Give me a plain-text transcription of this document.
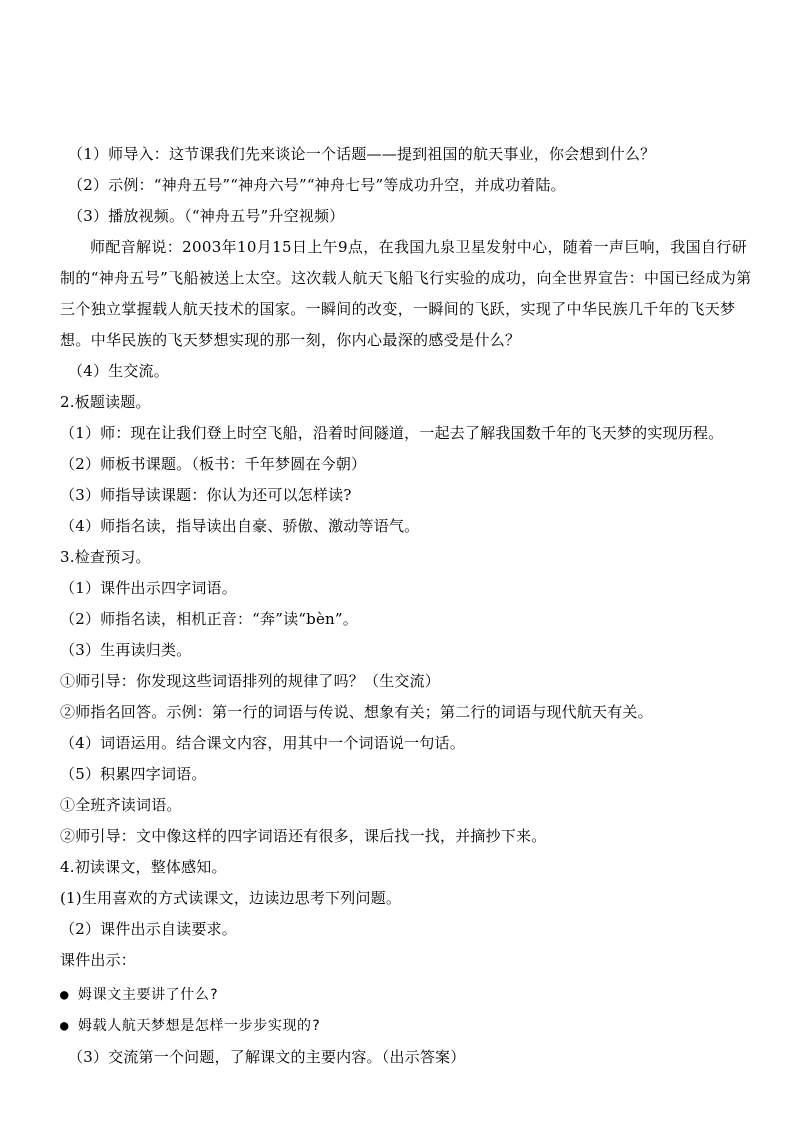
（1）师导入：这节课我们先来谈论一个话题——提到祖国的航天事业，你会想到什么？
（2）示例：“神舟五号”“神舟六号”“神舟七号”等成功升空，并成功着陆。
（3）播放视频。（“神舟五号”升空视频）
师配音解说：2003年10月15日上午9点，在我国九泉卫星发射中心，随着一声巨响，我国自行研制的“神舟五号”飞船被送上太空。这次载人航天飞船飞行实验的成功，向全世界宣告：中国已经成为第三个独立掌握载人航天技术的国家。一瞬间的改变，一瞬间的飞跃，实现了中华民族几千年的飞天梦想。中华民族的飞天梦想实现的那一刻，你内心最深的感受是什么？
（4）生交流。
2.板题读题。
（1）师：现在让我们登上时空飞船，沿着时间隧道，一起去了解我国数千年的飞天梦的实现历程。
（2）师板书课题。（板书：千年梦圆在今朝）
（3）师指导读课题：你认为还可以怎样读?
（4）师指名读，指导读出自豪、骄傲、激动等语气。
3.检查预习。
（1）课件出示四字词语。
（2）师指名读，相机正音：“奔”读“bèn”。
（3）生再读归类。
①师引导：你发现这些词语排列的规律了吗？（生交流）
②师指名回答。示例：第一行的词语与传说、想象有关；第二行的词语与现代航天有关。
（4）词语运用。结合课文内容，用其中一个词语说一句话。
（5）积累四字词语。
①全班齐读词语。
②师引导：文中像这样的四字词语还有很多，课后找一找，并摘抄下来。
4.初读课文，整体感知。
(1)生用喜欢的方式读课文，边读边思考下列问题。
（2）课件出示自读要求。
课件出示：
● 姆课文主要讲了什么?
● 姆载人航天梦想是怎样一步步实现的?
（3）交流第一个问题，了解课文的主要内容。（出示答案）
